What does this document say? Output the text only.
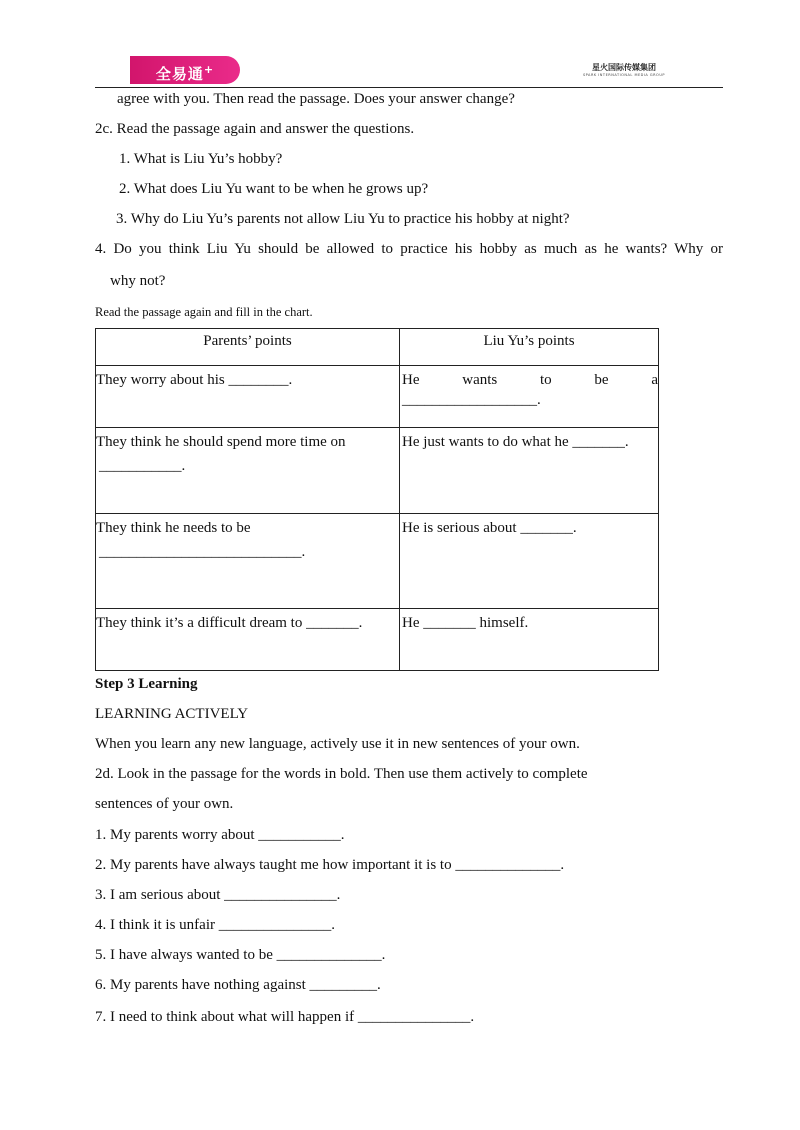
全易通+	星火国际传媒集团
SPARK INTERNATIONAL MEDIA GROUP
agree with you. Then read the passage. Does your answer change?
2c. Read the passage again and answer the questions.
1. What is Liu Yu’s hobby?
2. What does Liu Yu want to be when he grows up?
3. Why do Liu Yu’s parents not allow Liu Yu to practice his hobby at night?
4. Do you think Liu Yu should be allowed to practice his hobby as much as he wants? Why or
why not?
Read the passage again and fill in the chart.
Parents’ points	Liu Yu’s points
They worry about his ________.	He wants to be a
__________________.

They think he should spend more time on
___________.	He just wants to do what he _______.

They think he needs to be
___________________________.	He is serious about _______.
They think it’s a difficult dream to _______.	He _______ himself.
Step 3 Learning
LEARNING ACTIVELY
When you learn any new language, actively use it in new sentences of your own.
2d. Look in the passage for the words in bold. Then use them actively to complete
sentences of your own.
1. My parents worry about ___________.
2. My parents have always taught me how important it is to ______________.
3. I am serious about _______________.
4. I think it is unfair _______________.
5. I have always wanted to be ______________.
6. My parents have nothing against _________.
7. I need to think about what will happen if _______________.
